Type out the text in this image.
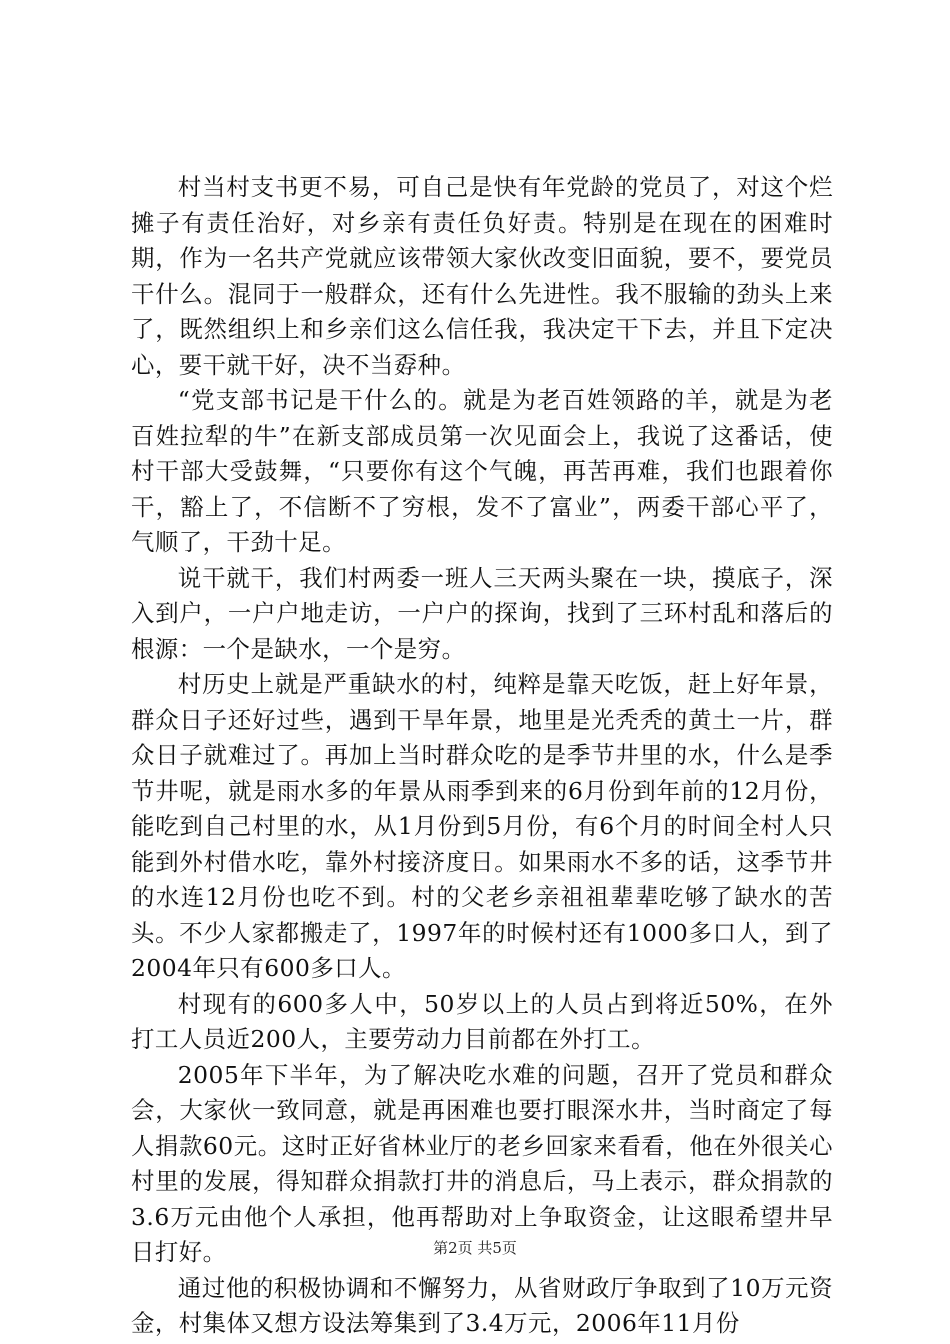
村当村支书更不易，可自己是快有年党龄的党员了，对这个烂摊子有责任治好，对乡亲有责任负好责。特别是在现在的困难时期，作为一名共产党就应该带领大家伙改变旧面貌，要不，要党员干什么。混同于一般群众，还有什么先进性。我不服输的劲头上来了，既然组织上和乡亲们这么信任我，我决定干下去，并且下定决心，要干就干好，决不当孬种。

“党支部书记是干什么的。就是为老百姓领路的羊，就是为老百姓拉犁的牛”在新支部成员第一次见面会上，我说了这番话，使村干部大受鼓舞，“只要你有这个气魄，再苦再难，我们也跟着你干，豁上了，不信断不了穷根，发不了富业”，两委干部心平了，气顺了，干劲十足。

说干就干，我们村两委一班人三天两头聚在一块，摸底子，深入到户，一户户地走访，一户户的探询，找到了三环村乱和落后的根源：一个是缺水，一个是穷。

村历史上就是严重缺水的村，纯粹是靠天吃饭，赶上好年景，群众日子还好过些，遇到干旱年景，地里是光秃秃的黄土一片，群众日子就难过了。再加上当时群众吃的是季节井里的水，什么是季节井呢，就是雨水多的年景从雨季到来的6月份到年前的12月份，能吃到自己村里的水，从1月份到5月份，有6个月的时间全村人只能到外村借水吃，靠外村接济度日。如果雨水不多的话，这季节井的水连12月份也吃不到。村的父老乡亲祖祖辈辈吃够了缺水的苦头。不少人家都搬走了，1997年的时候村还有1000多口人，到了2004年只有600多口人。

村现有的600多人中，50岁以上的人员占到将近50%，在外打工人员近200人，主要劳动力目前都在外打工。

2005年下半年，为了解决吃水难的问题，召开了党员和群众会，大家伙一致同意，就是再困难也要打眼深水井，当时商定了每人捐款60元。这时正好省林业厅的老乡回家来看看，他在外很关心村里的发展，得知群众捐款打井的消息后，马上表示，群众捐款的3.6万元由他个人承担，他再帮助对上争取资金，让这眼希望井早日打好。

通过他的积极协调和不懈努力，从省财政厅争取到了10万元资金，村集体又想方设法筹集到了3.4万元，2006年11月份

第2页 共5页
